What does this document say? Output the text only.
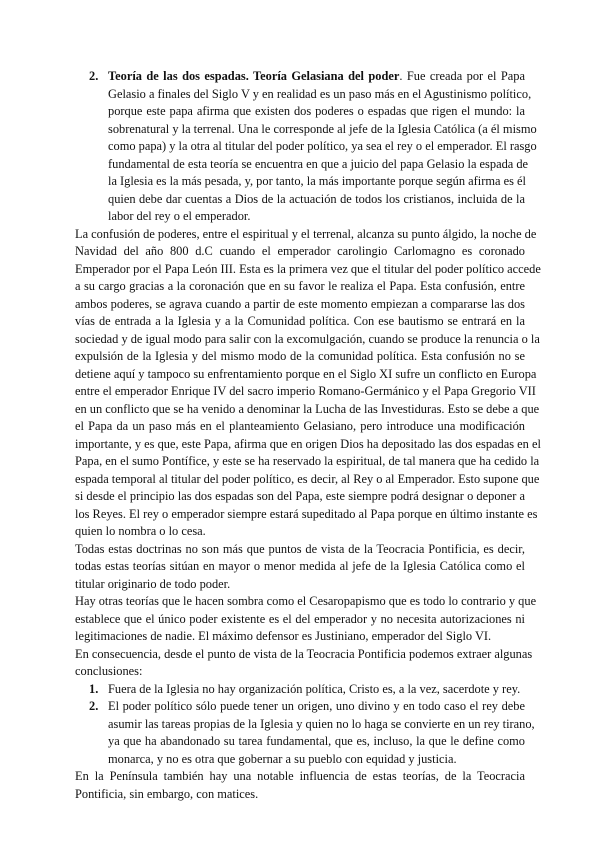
2. Teoría de las dos espadas. Teoría Gelasiana del poder. Fue creada por el Papa
Gelasio a finales del Siglo V y en realidad es un paso más en el Agustinismo político,
porque este papa afirma que existen dos poderes o espadas que rigen el mundo: la
sobrenatural y la terrenal. Una le corresponde al jefe de la Iglesia Católica (a él mismo
como papa) y la otra al titular del poder político, ya sea el rey o el emperador. El rasgo
fundamental de esta teoría se encuentra en que a juicio del papa Gelasio la espada de
la Iglesia es la más pesada, y, por tanto, la más importante porque según afirma es él
quien debe dar cuentas a Dios de la actuación de todos los cristianos, incluida de la
labor del rey o el emperador.
La confusión de poderes, entre el espiritual y el terrenal, alcanza su punto álgido, la noche de
Navidad del año 800 d.C cuando el emperador carolingio Carlomagno es coronado
Emperador por el Papa León III. Esta es la primera vez que el titular del poder político accede
a su cargo gracias a la coronación que en su favor le realiza el Papa. Esta confusión, entre
ambos poderes, se agrava cuando a partir de este momento empiezan a compararse las dos
vías de entrada a la Iglesia y a la Comunidad política. Con ese bautismo se entrará en la
sociedad y de igual modo para salir con la excomulgación, cuando se produce la renuncia o la
expulsión de la Iglesia y del mismo modo de la comunidad política. Esta confusión no se
detiene aquí y tampoco su enfrentamiento porque en el Siglo XI sufre un conflicto en Europa
entre el emperador Enrique IV del sacro imperio Romano-Germánico y el Papa Gregorio VII
en un conflicto que se ha venido a denominar la Lucha de las Investiduras. Esto se debe a que
el Papa da un paso más en el planteamiento Gelasiano, pero introduce una modificación
importante, y es que, este Papa, afirma que en origen Dios ha depositado las dos espadas en el
Papa, en el sumo Pontífice, y este se ha reservado la espiritual, de tal manera que ha cedido la
espada temporal al titular del poder político, es decir, al Rey o al Emperador. Esto supone que
si desde el principio las dos espadas son del Papa, este siempre podrá designar o deponer a
los Reyes. El rey o emperador siempre estará supeditado al Papa porque en último instante es
quien lo nombra o lo cesa.
Todas estas doctrinas no son más que puntos de vista de la Teocracia Pontificia, es decir,
todas estas teorías sitúan en mayor o menor medida al jefe de la Iglesia Católica como el
titular originario de todo poder.
Hay otras teorías que le hacen sombra como el Cesaropapismo que es todo lo contrario y que
establece que el único poder existente es el del emperador y no necesita autorizaciones ni
legitimaciones de nadie. El máximo defensor es Justiniano, emperador del Siglo VI.
En consecuencia, desde el punto de vista de la Teocracia Pontificia podemos extraer algunas
conclusiones:
1. Fuera de la Iglesia no hay organización política, Cristo es, a la vez, sacerdote y rey.
2. El poder político sólo puede tener un origen, uno divino y en todo caso el rey debe
asumir las tareas propias de la Iglesia y quien no lo haga se convierte en un rey tirano,
ya que ha abandonado su tarea fundamental, que es, incluso, la que le define como
monarca, y no es otra que gobernar a su pueblo con equidad y justicia.
En la Península también hay una notable influencia de estas teorías, de la Teocracia
Pontificia, sin embargo, con matices.
